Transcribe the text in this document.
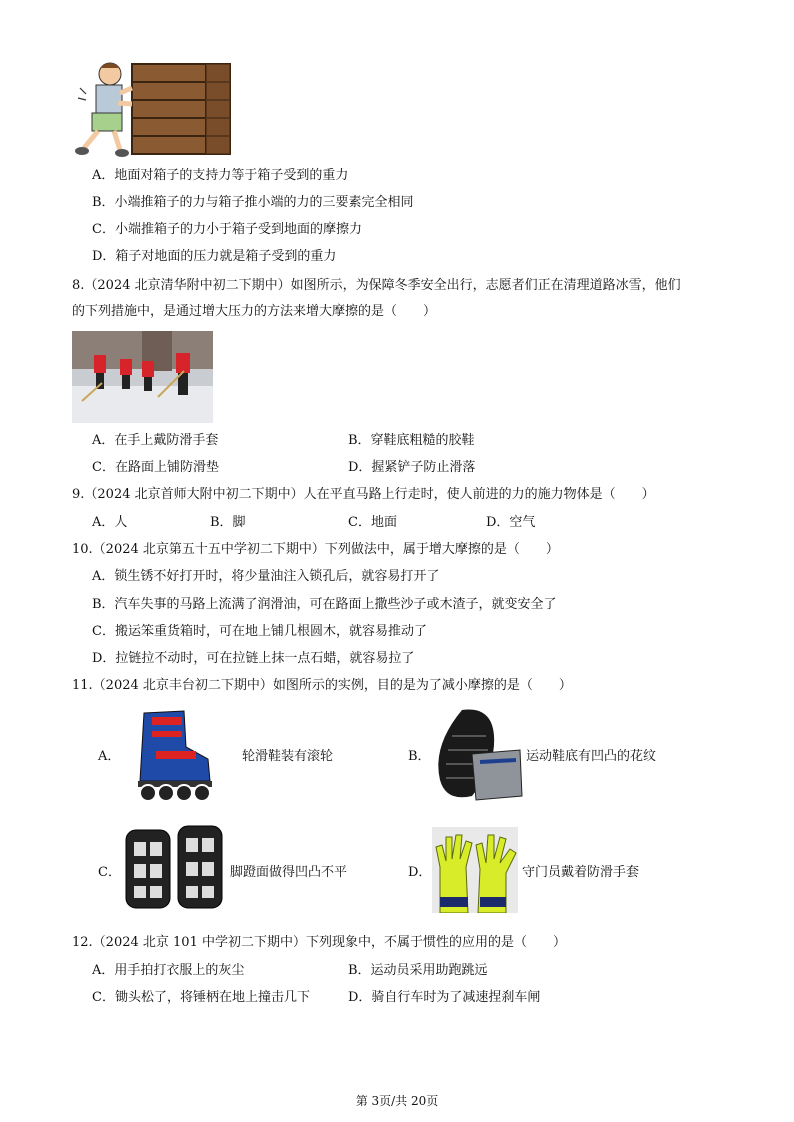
A．地面对箱子的支持力等于箱子受到的重力
B．小端推箱子的力与箱子推小端的力的三要素完全相同
C．小端推箱子的力小于箱子受到地面的摩擦力
D．箱子对地面的压力就是箱子受到的重力
8.（2024 北京清华附中初二下期中）如图所示，为保障冬季安全出行，志愿者们正在清理道路冰雪，他们
的下列措施中，是通过增大压力的方法来增大摩擦的是（　　）
A．在手上戴防滑手套	B．穿鞋底粗糙的胶鞋
C．在路面上铺防滑垫	D．握紧铲子防止滑落
9.（2024 北京首师大附中初二下期中）人在平直马路上行走时，使人前进的力的施力物体是（　　）
A．人	B．脚	C．地面	D．空气
10.（2024 北京第五十五中学初二下期中）下列做法中，属于增大摩擦的是（　　）
A．锁生锈不好打开时，将少量油注入锁孔后，就容易打开了
B．汽车失事的马路上流满了润滑油，可在路面上撒些沙子或木渣子，就变安全了
C．搬运笨重货箱时，可在地上铺几根圆木，就容易推动了
D．拉链拉不动时，可在拉链上抹一点石蜡，就容易拉了
11.（2024 北京丰台初二下期中）如图所示的实例，目的是为了减小摩擦的是（　　）
A．	轮滑鞋装有滚轮	B．	运动鞋底有凹凸的花纹
C．	脚蹬面做得凹凸不平	D．	守门员戴着防滑手套
12.（2024 北京 101 中学初二下期中）下列现象中，不属于惯性的应用的是（　　）
A．用手拍打衣服上的灰尘	B．运动员采用助跑跳远
C．锄头松了，将锤柄在地上撞击几下	D．骑自行车时为了减速捏刹车闸
第 3页/共 20页
